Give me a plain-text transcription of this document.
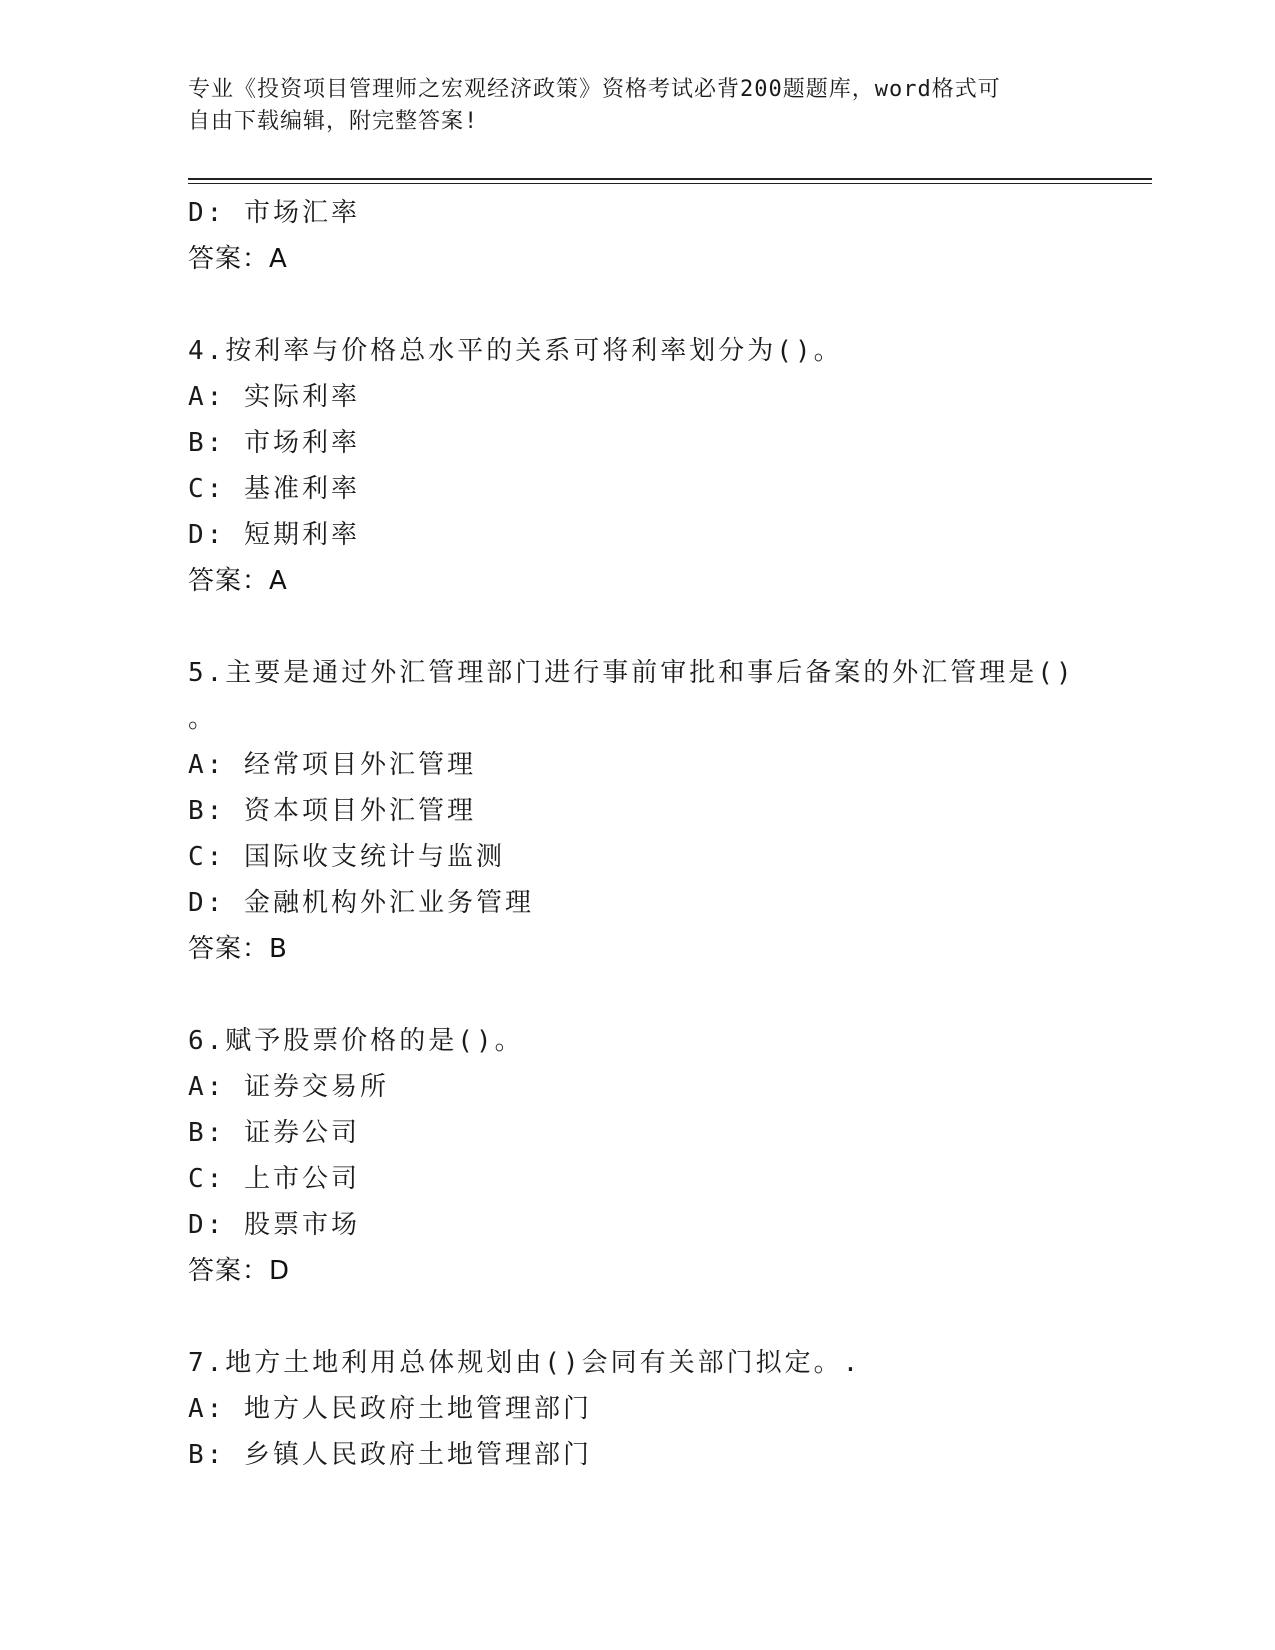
专业《投资项目管理师之宏观经济政策》资格考试必背200题题库，word格式可
自由下载编辑，附完整答案!
D: 市场汇率
答案：A
4.按利率与价格总水平的关系可将利率划分为()。
A: 实际利率
B: 市场利率
C: 基准利率
D: 短期利率
答案：A
5.主要是通过外汇管理部门进行事前审批和事后备案的外汇管理是()
。
A: 经常项目外汇管理
B: 资本项目外汇管理
C: 国际收支统计与监测
D: 金融机构外汇业务管理
答案：B
6.赋予股票价格的是()。
A: 证券交易所
B: 证券公司
C: 上市公司
D: 股票市场
答案：D
7.地方土地利用总体规划由()会同有关部门拟定。.
A: 地方人民政府土地管理部门
B: 乡镇人民政府土地管理部门
